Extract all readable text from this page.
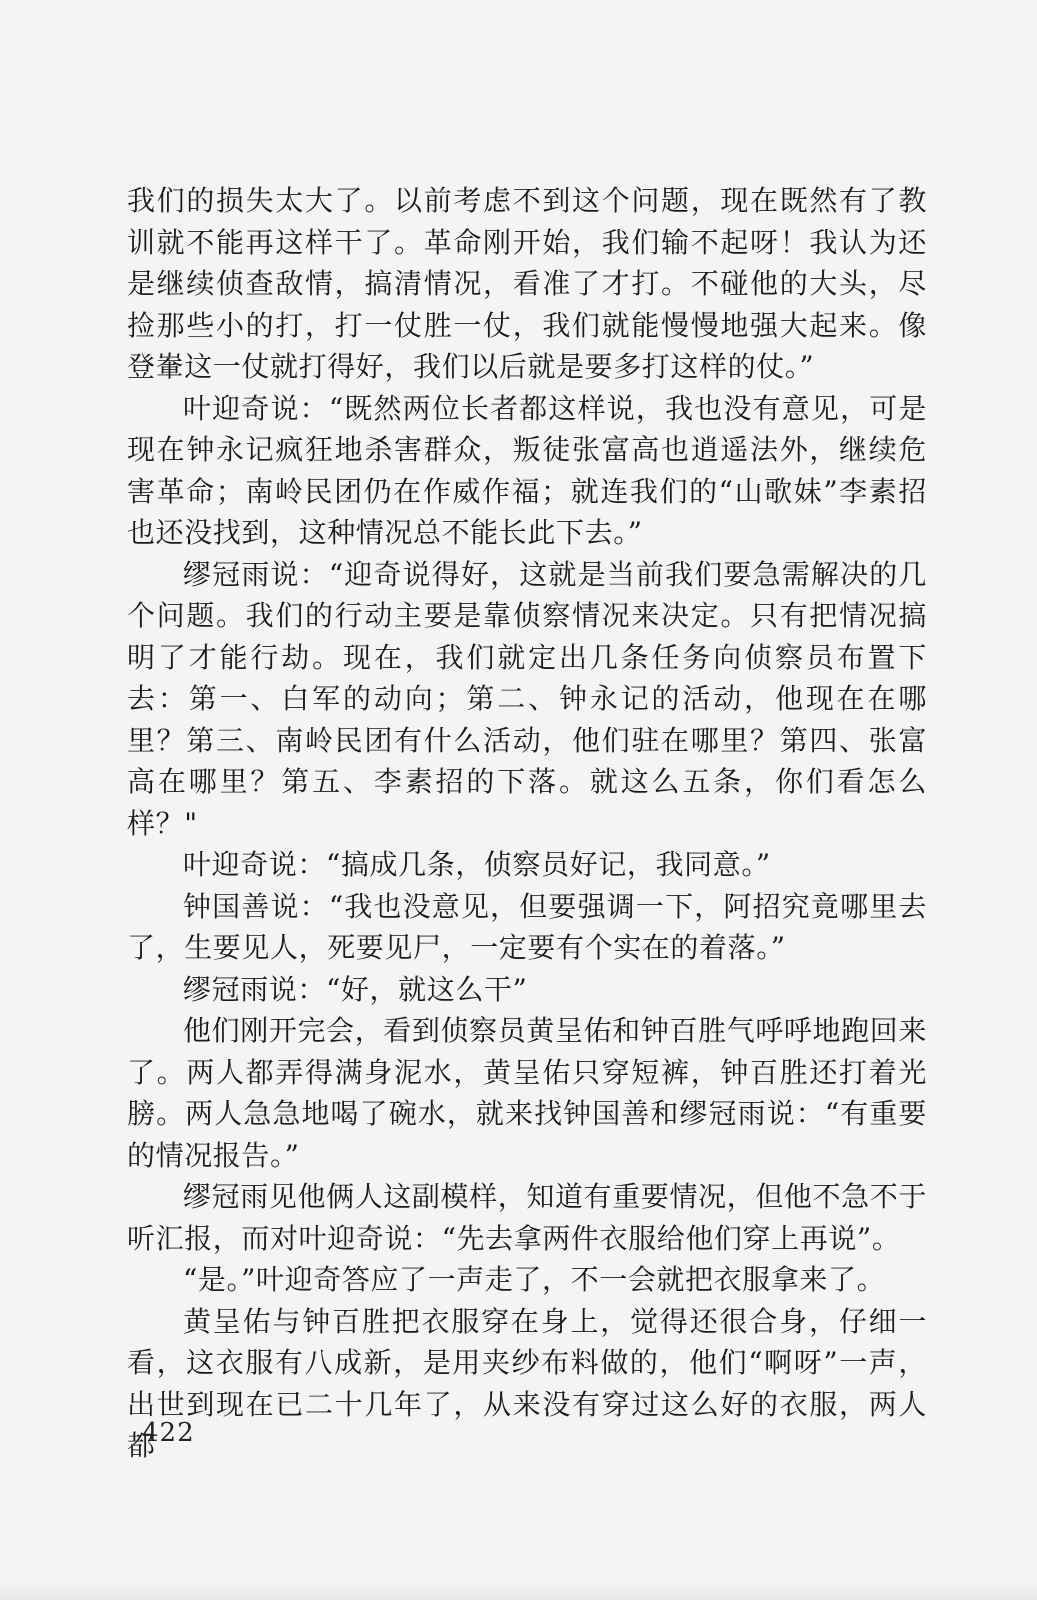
我们的损失太大了。以前考虑不到这个问题，现在既然有了教训就不能再这样干了。革命刚开始，我们输不起呀！我认为还是继续侦查敌情，搞清情况，看准了才打。不碰他的大头，尽捡那些小的打，打一仗胜一仗，我们就能慢慢地强大起来。像登輋这一仗就打得好，我们以后就是要多打这样的仗。”

叶迎奇说：“既然两位长者都这样说，我也没有意见，可是现在钟永记疯狂地杀害群众，叛徒张富高也逍遥法外，继续危害革命；南岭民团仍在作威作福；就连我们的“山歌妹”李素招也还没找到，这种情况总不能长此下去。”

缪冠雨说：“迎奇说得好，这就是当前我们要急需解决的几个问题。我们的行动主要是靠侦察情况来决定。只有把情况搞明了才能行劫。现在，我们就定出几条任务向侦察员布置下去：第一、白军的动向；第二、钟永记的活动，他现在在哪里？第三、南岭民团有什么活动，他们驻在哪里？第四、张富高在哪里？第五、李素招的下落。就这么五条，你们看怎么样？"

叶迎奇说：“搞成几条，侦察员好记，我同意。”

钟国善说：“我也没意见，但要强调一下，阿招究竟哪里去了，生要见人，死要见尸，一定要有个实在的着落。”

缪冠雨说：“好，就这么干”

他们刚开完会，看到侦察员黄呈佑和钟百胜气呼呼地跑回来了。两人都弄得满身泥水，黄呈佑只穿短裤，钟百胜还打着光膀。两人急急地喝了碗水，就来找钟国善和缪冠雨说：“有重要的情况报告。”

缪冠雨见他俩人这副模样，知道有重要情况，但他不急不于听汇报，而对叶迎奇说：“先去拿两件衣服给他们穿上再说”。

“是。”叶迎奇答应了一声走了，不一会就把衣服拿来了。

黄呈佑与钟百胜把衣服穿在身上，觉得还很合身，仔细一看，这衣服有八成新，是用夹纱布料做的，他们“啊呀”一声，出世到现在已二十几年了，从来没有穿过这么好的衣服，两人都

422
